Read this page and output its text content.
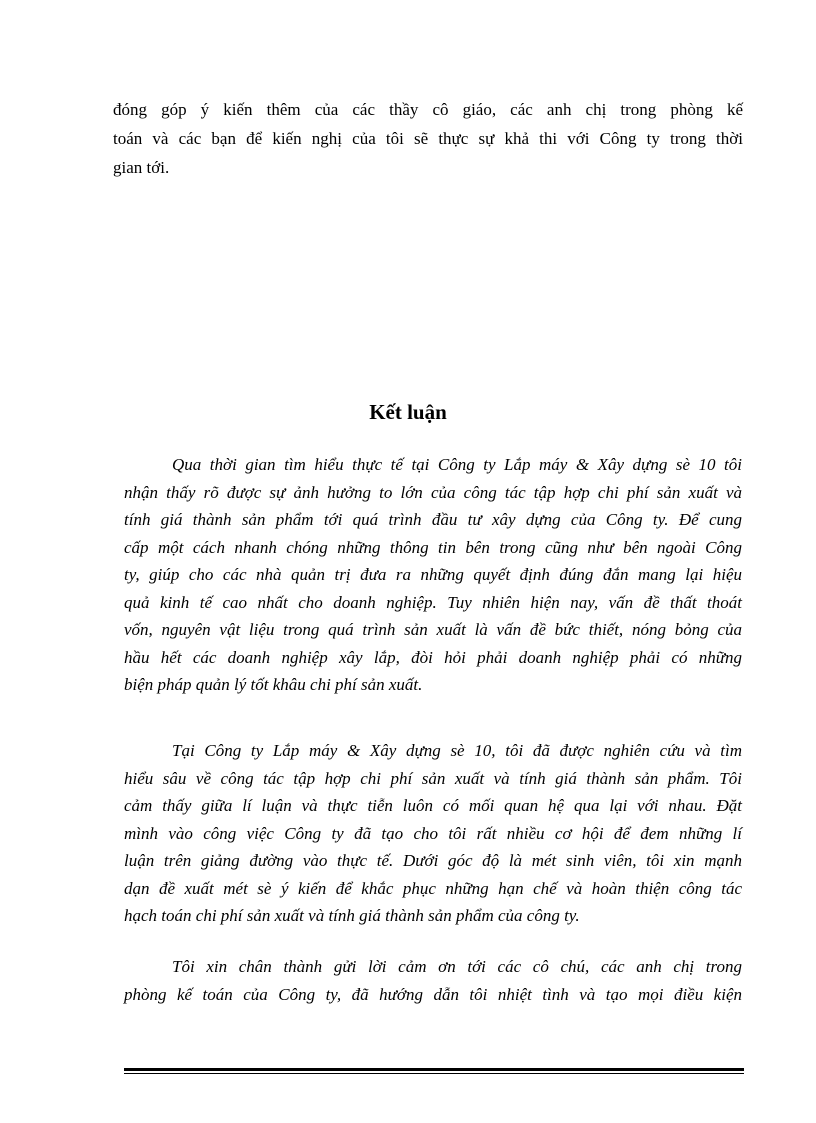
đóng góp ý kiến thêm của các thầy cô giáo, các anh chị trong phòng kế
toán và các bạn để kiến nghị của tôi sẽ thực sự khả thi với Công ty trong thời
gian tới.

Kết luận

Qua thời gian tìm hiểu thực tế tại Công ty Lắp máy & Xây dựng sè 10 tôi
nhận thấy rõ được sự ảnh hưởng to lớn của công tác tập hợp chi phí sản xuất và
tính giá thành sản phẩm tới quá trình đầu tư xây dựng của Công ty. Để cung
cấp một cách nhanh chóng những thông tin bên trong cũng như bên ngoài Công
ty, giúp cho các nhà quản trị đưa ra những quyết định đúng đắn mang lại hiệu
quả kinh tế cao nhất cho doanh nghiệp. Tuy nhiên hiện nay, vấn đề thất thoát
vốn, nguyên vật liệu trong quá trình sản xuất là vấn đề bức thiết, nóng bỏng của
hầu hết các doanh nghiệp xây lắp, đòi hỏi phải doanh nghiệp phải có những
biện pháp quản lý tốt khâu chi phí sản xuất.

Tại Công ty Lắp máy & Xây dựng sè 10, tôi đã được nghiên cứu và tìm
hiểu sâu về công tác tập hợp chi phí sản xuất và tính giá thành sản phẩm. Tôi
cảm thấy giữa lí luận và thực tiễn luôn có mối quan hệ qua lại với nhau. Đặt
mình vào công việc Công ty đã tạo cho tôi rất nhiều cơ hội để đem những lí
luận trên giảng đường vào thực tế. Dưới góc độ là mét sinh viên, tôi xin mạnh
dạn đề xuất mét sè ý kiến để khắc phục những hạn chế và hoàn thiện công tác
hạch toán chi phí sản xuất và tính giá thành sản phẩm của công ty.

Tôi xin chân thành gửi lời cảm ơn tới các cô chú, các anh chị trong
phòng kế toán của Công ty, đã hướng dẫn tôi nhiệt tình và tạo mọi điều kiện
